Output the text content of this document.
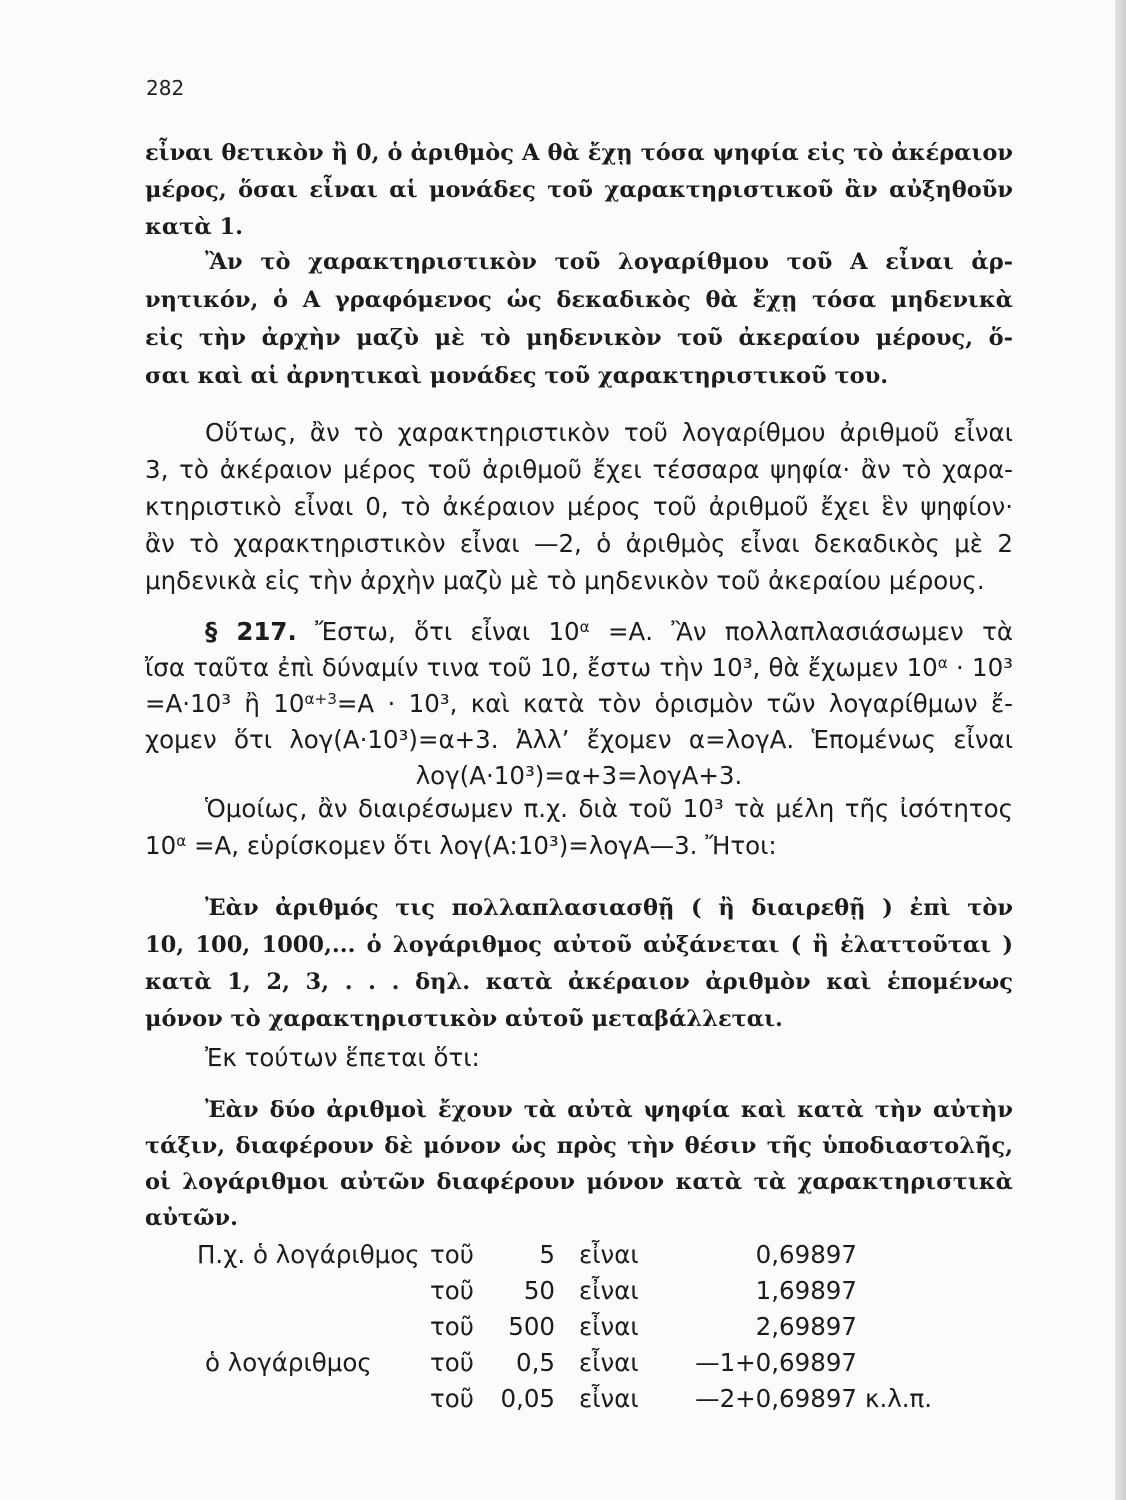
282
εἶναι θετικὸν ἢ 0, ὁ ἀριθμὸς Α θὰ ἔχῃ τόσα ψηφία εἰς τὸ ἀκέραιον
μέρος, ὅσαι εἶναι αἱ μονάδες τοῦ χαρακτηριστικοῦ ἂν αὐξηθοῦν
κατὰ 1.
Ἂν τὸ χαρακτηριστικὸν τοῦ λογαρίθμου τοῦ Α εἶναι ἀρ-
νητικόν, ὁ Α γραφόμενος ὡς δεκαδικὸς θὰ ἔχῃ τόσα μηδενικὰ
εἰς τὴν ἀρχὴν μαζὺ μὲ τὸ μηδενικὸν τοῦ ἀκεραίου μέρους, ὅ-
σαι καὶ αἱ ἀρνητικαὶ μονάδες τοῦ χαρακτηριστικοῦ του.
Οὕτως, ἂν τὸ χαρακτηριστικὸν τοῦ λογαρίθμου ἀριθμοῦ εἶναι
3, τὸ ἀκέραιον μέρος τοῦ ἀριθμοῦ ἔχει τέσσαρα ψηφία· ἂν τὸ χαρα-
κτηριστικὸ εἶναι 0, τὸ ἀκέραιον μέρος τοῦ ἀριθμοῦ ἔχει ἓν ψηφίον·
ἂν τὸ χαρακτηριστικὸν εἶναι —2, ὁ ἀριθμὸς εἶναι δεκαδικὸς μὲ 2
μηδενικὰ εἰς τὴν ἀρχὴν μαζὺ μὲ τὸ μηδενικὸν τοῦ ἀκεραίου μέρους.
§ 217. Ἔστω, ὅτι εἶναι $10^\alpha =A$. Ἂν πολλαπλασιάσωμεν τὰ
ἴσα ταῦτα ἐπὶ δύναμίν τινα τοῦ 10, ἔστω τὴν 10³, θὰ ἔχωμεν $10^\alpha \cdot 10^3$
=Α·10³ ἢ $10^{\alpha+3}=A \cdot 10^3$, καὶ κατὰ τὸν ὁρισμὸν τῶν λογαρίθμων ἔ-
χομεν ὅτι λογ(Α·10³)=α+3. Ἀλλ’ ἔχομεν α=λογΑ. Ἑπομένως εἶναι
λογ(Α·10³)=α+3=λογΑ+3.
Ὁμοίως, ἂν διαιρέσωμεν π.χ. διὰ τοῦ 10³ τὰ μέλη τῆς ἰσότητος
$10^\alpha =A$, εὑρίσκομεν ὅτι λογ(Α:10³)=λογΑ—3. Ἤτοι:
Ἐὰν ἀριθμός τις πολλαπλασιασθῇ ( ἢ διαιρεθῇ ) ἐπὶ τὸν
10, 100, 1000,... ὁ λογάριθμος αὐτοῦ αὐξάνεται ( ἢ ἐλαττοῦται )
κατὰ 1, 2, 3, . . . δηλ. κατὰ ἀκέραιον ἀριθμὸν καὶ ἑπομένως
μόνον τὸ χαρακτηριστικὸν αὐτοῦ μεταβάλλεται.
Ἐκ τούτων ἕπεται ὅτι:
Ἐὰν δύο ἀριθμοὶ ἔχουν τὰ αὐτὰ ψηφία καὶ κατὰ τὴν αὐτὴν
τάξιν, διαφέρουν δὲ μόνον ὡς πρὸς τὴν θέσιν τῆς ὑποδιαστολῆς,
οἱ λογάριθμοι αὐτῶν διαφέρουν μόνον κατὰ τὰ χαρακτηριστικὰ
αὐτῶν.
Π.χ. ὁ λογάριθμος τοῦ	5 εἶναι	0,69897
τοῦ	50 εἶναι	1,69897
τοῦ	500 εἶναι	2,69897
ὁ λογάριθμος	τοῦ	0,5 εἶναι	—1+0,69897
τοῦ	0,05 εἶναι	—2+0,69897 κ.λ.π.
